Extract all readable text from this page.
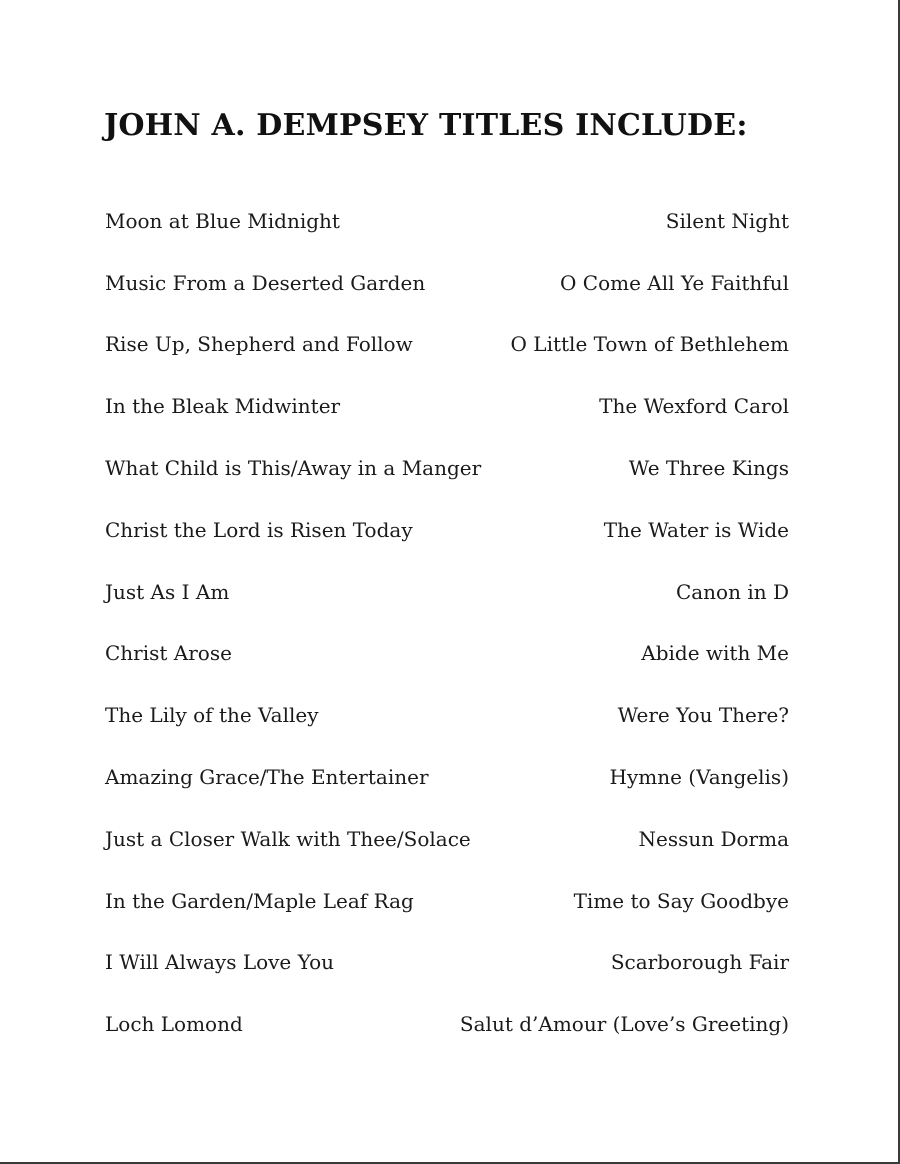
JOHN A. DEMPSEY TITLES INCLUDE:
Moon at Blue Midnight	Silent Night
Music From a Deserted Garden	O Come All Ye Faithful
Rise Up, Shepherd and Follow	O Little Town of Bethlehem
In the Bleak Midwinter	The Wexford Carol
What Child is This/Away in a Manger	We Three Kings
Christ the Lord is Risen Today	The Water is Wide
Just As I Am	Canon in D
Christ Arose	Abide with Me
The Lily of the Valley	Were You There?
Amazing Grace/The Entertainer	Hymne (Vangelis)
Just a Closer Walk with Thee/Solace	Nessun Dorma
In the Garden/Maple Leaf Rag	Time to Say Goodbye
I Will Always Love You	Scarborough Fair
Loch Lomond	Salut d’Amour (Love’s Greeting)
